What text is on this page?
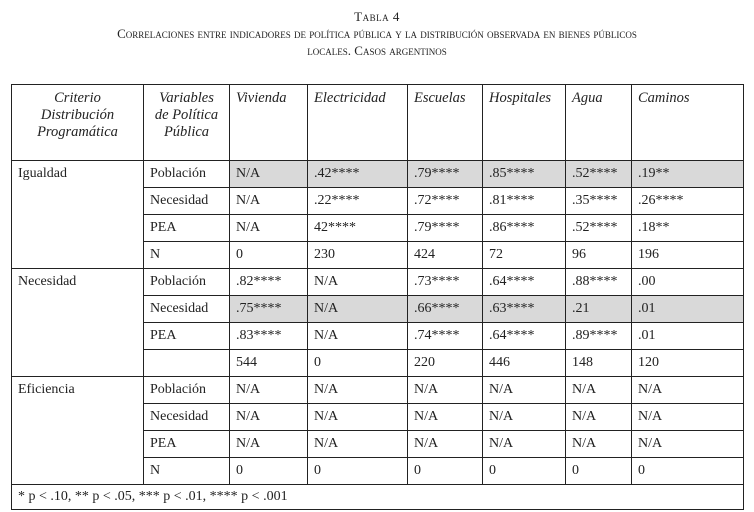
Tabla 4
Correlaciones entre indicadores de política pública y la distribución observada en bienes públicos
locales. Casos argentinos
Criterio
Distribución
Programática	Variables
de Política
Pública	Vivienda	Electricidad	Escuelas	Hospitales	Agua	Caminos
Igualdad	Población	N/A	.42****	.79****	.85****	.52****	.19**
	Necesidad	N/A	.22****	.72****	.81****	.35****	.26****
	PEA	N/A	42****	.79****	.86****	.52****	.18**
	N	0	230	424	72	96	196
Necesidad	Población	.82****	N/A	.73****	.64****	.88****	.00
	Necesidad	.75****	N/A	.66****	.63****	.21	.01
	PEA	.83****	N/A	.74****	.64****	.89****	.01
		544	0	220	446	148	120
Eficiencia	Población	N/A	N/A	N/A	N/A	N/A	N/A
	Necesidad	N/A	N/A	N/A	N/A	N/A	N/A
	PEA	N/A	N/A	N/A	N/A	N/A	N/A
	N	0	0	0	0	0	0
* p < .10, ** p < .05, *** p < .01, **** p < .001							
